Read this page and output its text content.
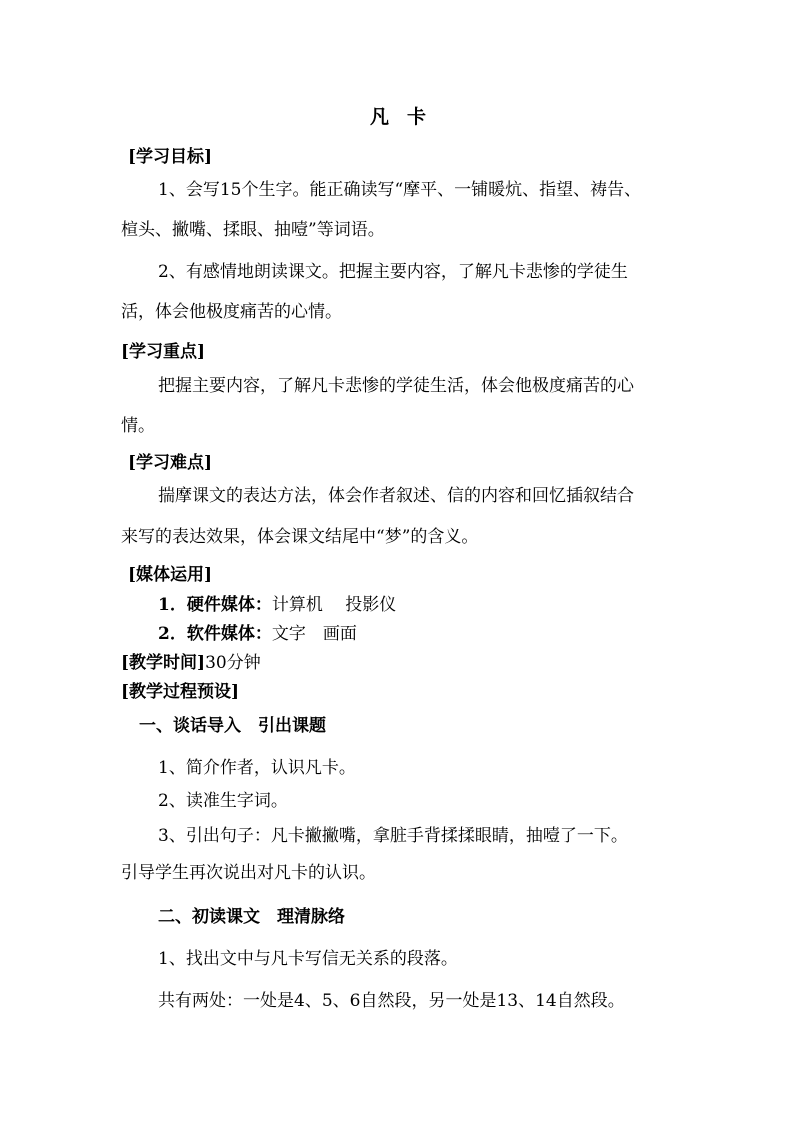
凡卡
[学习目标]
1、会写15个生字。能正确读写“摩平、一铺暖炕、指望、祷告、
楦头、撇嘴、揉眼、抽噎”等词语。
2、有感情地朗读课文。把握主要内容，了解凡卡悲惨的学徒生
活，体会他极度痛苦的心情。
[学习重点]
把握主要内容，了解凡卡悲惨的学徒生活，体会他极度痛苦的心
情。
[学习难点]
揣摩课文的表达方法，体会作者叙述、信的内容和回忆插叙结合
来写的表达效果，体会课文结尾中“梦”的含义。
[媒体运用]
1．硬件媒体：计算机　 投影仪
2．软件媒体：文字　画面
[教学时间]30分钟
[教学过程预设]
一、谈话导入　引出课题
1、简介作者，认识凡卡。
2、读准生字词。
3、引出句子：凡卡撇撇嘴，拿脏手背揉揉眼睛，抽噎了一下。
引导学生再次说出对凡卡的认识。
二、初读课文　理清脉络
1、找出文中与凡卡写信无关系的段落。
共有两处：一处是4、5、6自然段，另一处是13、14自然段。
